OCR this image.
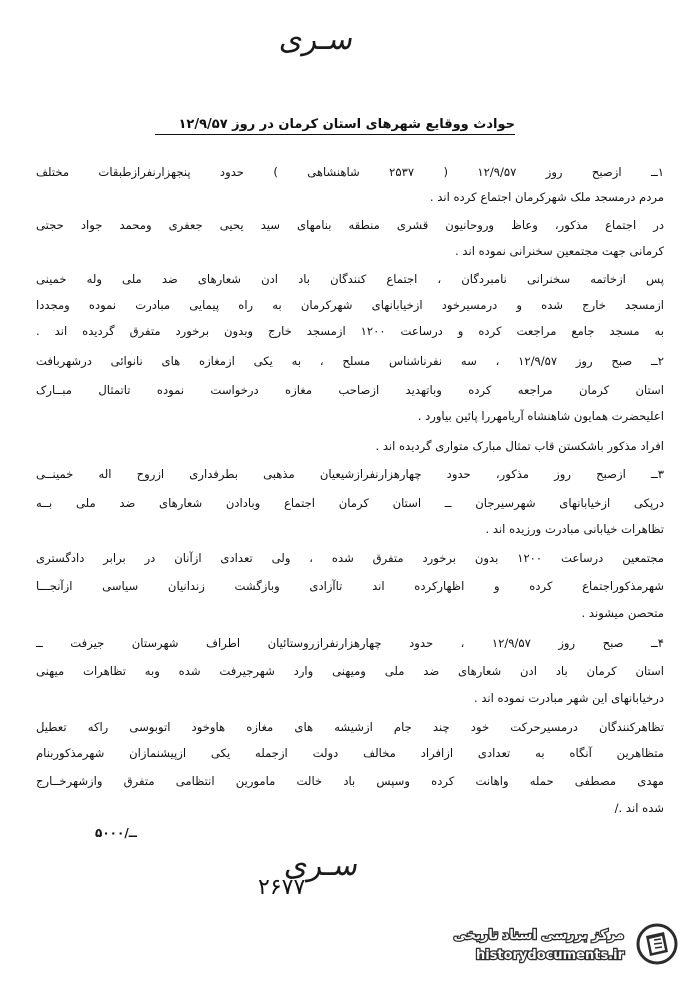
سـری
حوادث ووقایع شهرهای استان کرمان در روز ۱۲/۹/۵۷
۱ــ ازصبح روز ۱۲/۹/۵۷ ( ۲۵۳۷ شاهنشاهی ) حدود پنجهزارنفرازطبقات مختلف
مردم درمسجد ملک شهرکرمان اجتماع کرده اند .
در اجتماع مذکور، وعاظ وروحانیون قشری منطقه بنامهای سید یحیی جعفری ومحمد جواد حجتی
کرمانی جهت مجتمعین سخنرانی نموده اند .
پس ازخاتمه سخنرانی نامبردگان ، اجتماع کنندگان باد ادن شعارهای ضد ملی وله خمینی
ازمسجد خارج شده و درمسیرخود ازخیابانهای شهرکرمان به راه پیمایی مبادرت نموده ومجددا
به مسجد جامع مراجعت کرده و درساعت ۱۲۰۰ ازمسجد خارج وبدون برخورد متفرق گردیده اند .
۲ــ صبح روز ۱۲/۹/۵۷ ، سه نفرناشناس مسلح ، به یکی ازمغازه های نانوائی درشهربافت
استان کرمان مراجعه کرده وباتهدید ازصاحب مغازه درخواست نموده تاتمثال مبــارک
اعلیحضرت همایون شاهنشاه آریامهررا پائین بیاورد .
افراد مذکور باشکستن قاب تمثال مبارک متواری گردیده اند .
۳ــ ازصبح روز مذکور، حدود چهارهزارنفرازشیعیان مذهبی بطرفداری ازروح اله خمینــی
درپکی ازخیابانهای شهرسیرجان ــ استان کرمان اجتماع وبادادن شعارهای ضد ملی بــه
تظاهرات خیابانی مبادرت ورزیده اند .
مجتمعین درساعت ۱۲۰۰ بدون برخورد متفرق شده ، ولی تعدادی ازآنان در برابر دادگستری
شهرمذکوراجتماع کرده و اظهارکرده اند تاآزادی وبازگشت زندانیان سیاسی ازآنجـــا
متحصن میشوند .
۴ــ صبح روز ۱۲/۹/۵۷ ، حدود چهارهزارنفرازروستائیان اطراف شهرستان جیرفت ــ
استان کرمان باد ادن شعارهای ضد ملی ومیهنی وارد شهرجیرفت شده وبه تظاهرات میهنی
درخیابانهای این شهر مبادرت نموده اند .
تظاهرکنندگان درمسیرحرکت خود چند جام ازشیشه های مغازه هاوخود اتوبوسی راکه تعطیل
متظاهرین آنگاه به تعدادی ازافراد مخالف دولت ازجمله یکی ازپیشنمازان شهرمذکوربنام
مهدی مصطفی حمله واهانت کرده وسپس باد خالت مامورین انتظامی متفرق وازشهرخــارج
شده اند ./
۵ــ/۰۰۰
سـری
۲۶۷۷
مرکز بررسی اسناد تاریخی
historydocuments.ir
